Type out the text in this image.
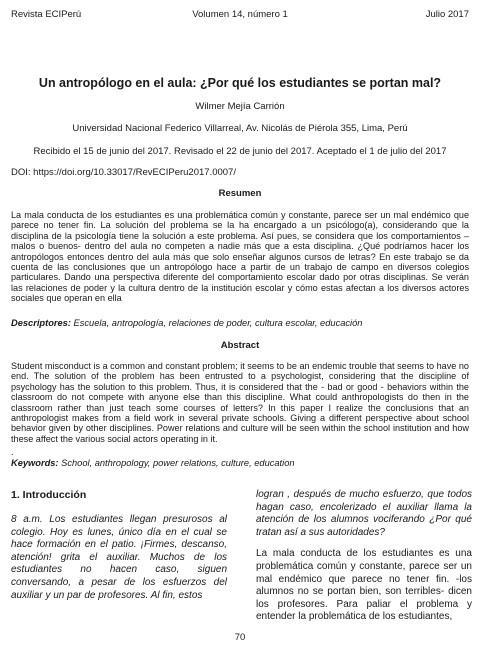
Revista ECIPerú	Volumen 14, número 1	Julio 2017
Un antropólogo en el aula: ¿Por qué los estudiantes se portan mal?
Wilmer Mejía Carrión
Universidad Nacional Federico Villarreal, Av. Nicolás de Piérola 355, Lima, Perú
Recibido el 15 de junio del 2017. Revisado el 22 de junio del 2017. Aceptado el 1 de julio del 2017
DOI: https://doi.org/10.33017/RevECIPeru2017.0007/
Resumen
La mala conducta de los estudiantes es una problemática común y constante, parece ser un mal endémico que parece no tener fin. La solución del problema se la ha encargado a un psicólogo(a), considerando que la disciplina de la psicología tiene la solución a este problema. Así pues, se considera que los comportamientos –malos o buenos- dentro del aula no competen a nadie más que a esta disciplina. ¿Qué podríamos hacer los antropólogos entonces dentro del aula más que solo enseñar algunos cursos de letras? En este trabajo se da cuenta de las conclusiones que un antropólogo hace a partir de un trabajo de campo en diversos colegios particulares. Dando una perspectiva diferente del comportamiento escolar dado por otras disciplinas. Se verán las relaciones de poder y la cultura dentro de la institución escolar y cómo estas afectan a los diversos actores sociales que operan en ella
Descriptores: Escuela, antropología, relaciones de poder, cultura escolar, educación
Abstract
Student misconduct is a common and constant problem; it seems to be an endemic trouble that seems to have no end. The solution of the problem has been entrusted to a psychologist, considering that the discipline of psychology has the solution to this problem. Thus, it is considered that the - bad or good - behaviors within the classroom do not compete with anyone else than this discipline. What could anthropologists do then in the classroom rather than just teach some courses of letters? In this paper I realize the conclusions that an anthropologist makes from a field work in several private schools. Giving a different perspective about school behavior given by other disciplines. Power relations and culture will be seen within the school institution and how these affect the various social actors operating in it.
.
Keywords: School, anthropology, power relations, culture, education
1. Introducción
8 a.m. Los estudiantes llegan presurosos al colegio. Hoy es lunes, único día en el cual se hace formación en el patio. ¡Firmes, descanso, atención! grita el auxiliar. Muchos de los estudiantes no hacen caso, siguen conversando, a pesar de los esfuerzos del auxiliar y un par de profesores. Al fin, estos
logran , después de mucho esfuerzo, que todos hagan caso, encolerizado el auxiliar llama la atención de los alumnos vociferando ¿Por qué tratan así a sus autoridades?
La mala conducta de los estudiantes es una problemática común y constante, parece ser un mal endémico que parece no tener fin. -los alumnos no se portan bien, son terribles- dicen los profesores. Para paliar el problema y entender la problemática de los estudiantes,
70
